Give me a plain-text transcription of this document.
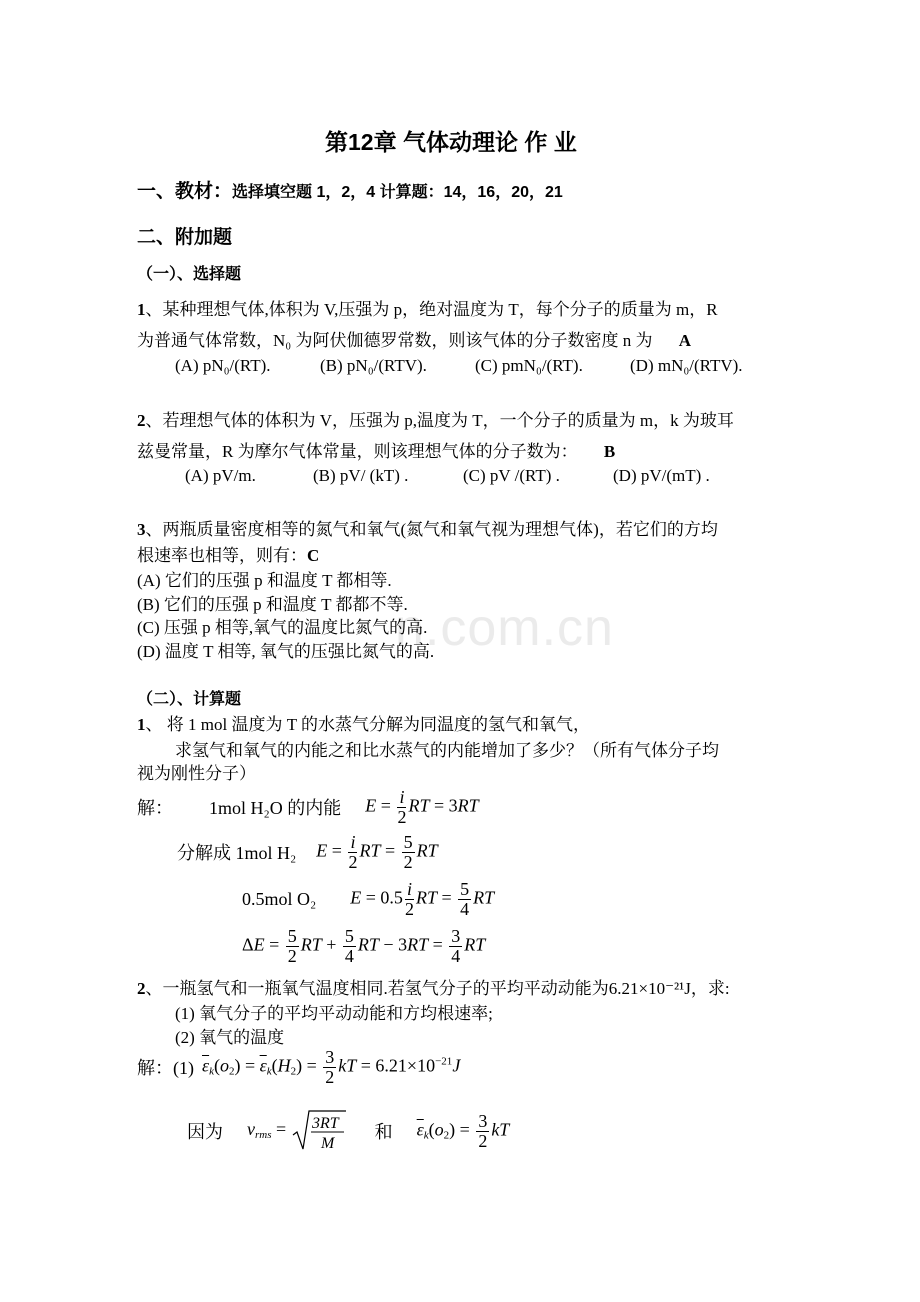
n.com.cn
第12章 气体动理论 作 业
一、教材：选择填空题 1，2，4 计算题：14，16，20，21
二、附加题
（一）、选择题
1、某种理想气体,体积为 V,压强为 p，绝对温度为 T，每个分子的质量为 m，R
为普通气体常数，N₀ 为阿伏伽德罗常数，则该气体的分子数密度 n 为 A
(A) pN₀/(RT).	(B) pN₀/(RTV).	(C) pmN₀/(RT).	(D) mN₀/(RTV).
2、若理想气体的体积为 V，压强为 p,温度为 T，一个分子的质量为 m，k 为玻耳
兹曼常量，R 为摩尔气体常量，则该理想气体的分子数为： B
(A) pV/m.	(B) pV/ (kT) .	(C) pV /(RT) .	(D) pV/(mT) .
3、两瓶质量密度相等的氮气和氧气(氮气和氧气视为理想气体)，若它们的方均
根速率也相等，则有：C
(A) 它们的压强 p 和温度 T 都相等.
(B) 它们的压强 p 和温度 T 都都不等.
(C) 压强 p 相等,氧气的温度比氮气的高.
(D) 温度 T 相等, 氧气的压强比氮气的高.
（二）、计算题
1、 将 1 mol 温度为 T 的水蒸气分解为同温度的氢气和氧气，
求氢气和氧气的内能之和比水蒸气的内能增加了多少？（所有气体分子均
视为刚性分子）
解： 1mol H₂O 的内能 $E = \frac{i}{2}$ RT = 3RT
分解成 1mol H₂ $E = \frac{i}{2}$ RT = $\frac{5}{2}$ RT
0.5mol O₂ $E = 0.5 \frac{i}{2}$ RT = $\frac{5}{4}$ RT
$\Delta E = \frac{5}{2}$ RT + $\frac{5}{4}$ RT − $3RT = \frac{3}{4}$ RT
2、一瓶氢气和一瓶氧气温度相同.若氢气分子的平均平动动能为6.21×10⁻²¹J，求:
(1) 氧气分子的平均平动动能和方均根速率;
(2) 氧气的温度
解：(1) $\overline{\varepsilon}_k(o_2) = \overline{\varepsilon}_k(H_2) = \frac{3}{2}$ kT = $6.21\times 10^{-21}J$
因为 $v_{rms} = 3RT$
M
和 $\overline{\varepsilon}_k(o_2) = \frac{3}{2}$ kT
